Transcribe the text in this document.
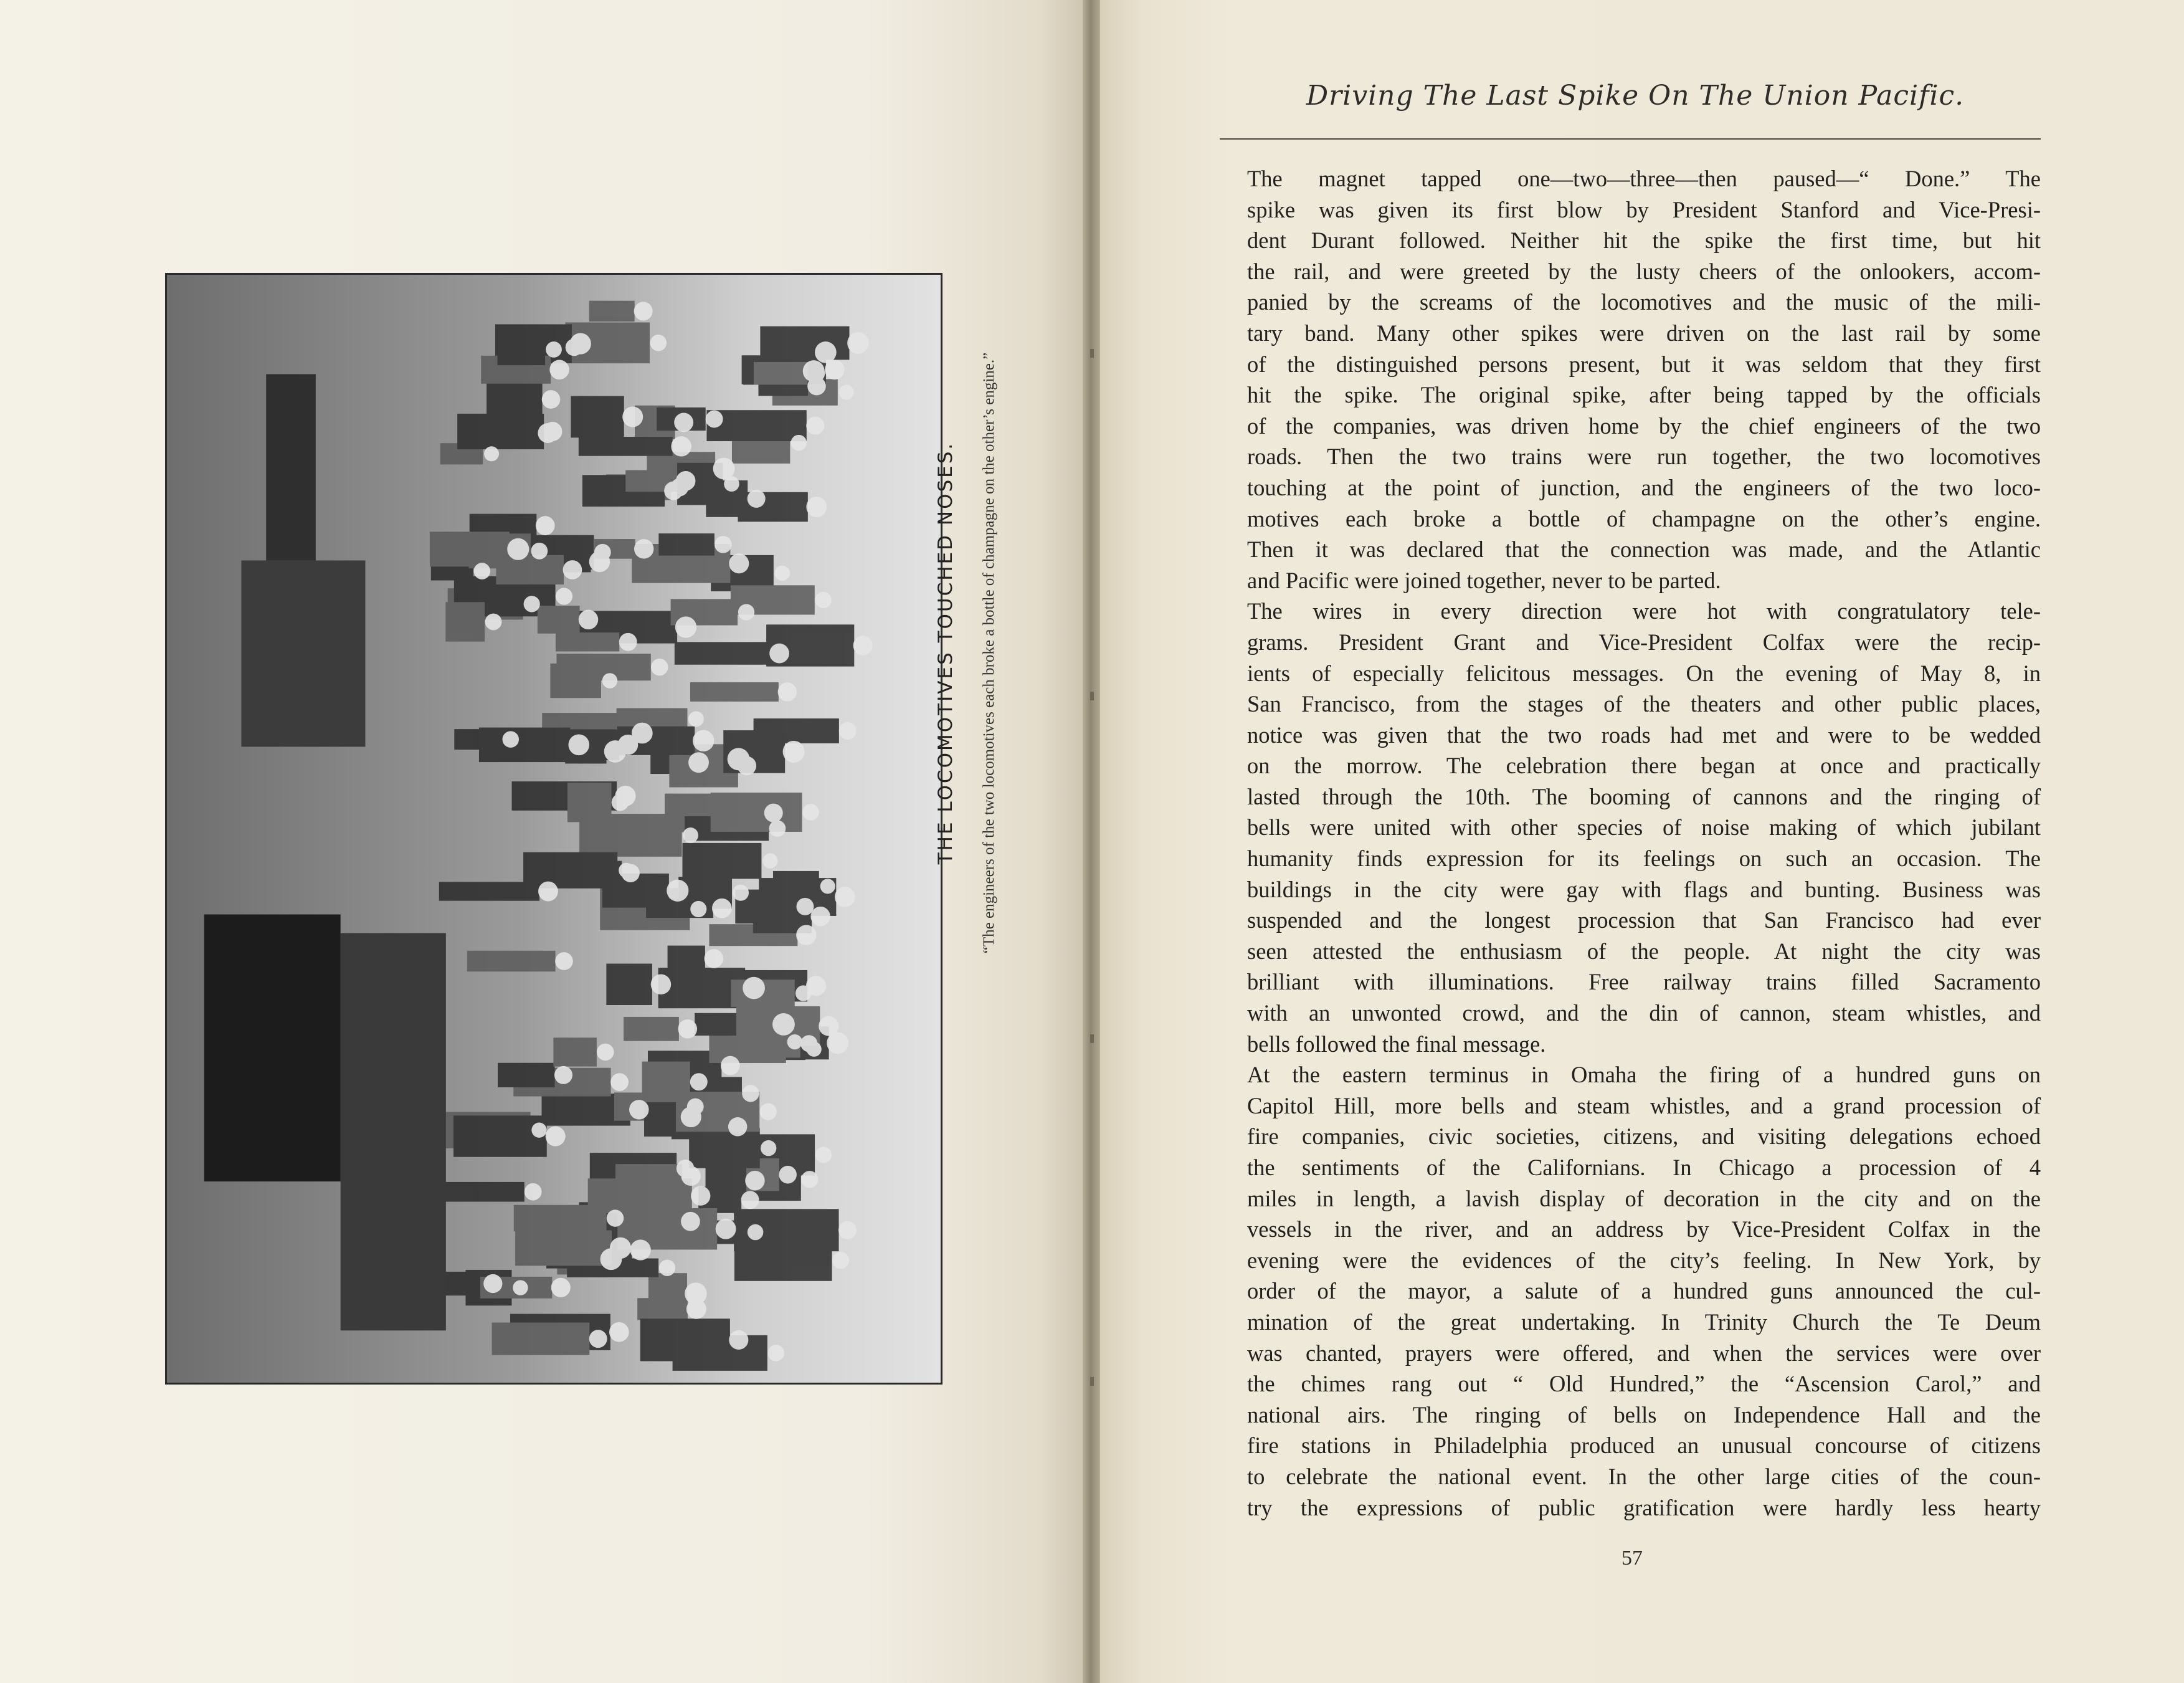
THE LOCOMOTIVES TOUCHED NOSES. “The engineers of the two locomotives each broke a bottle of champagne on the other’s engine.”
Driving The Last Spike On The Union Pacific.

The magnet tapped one—two—three—then paused—“ Done.” The
spike was given its first blow by President Stanford and Vice-Presi-
dent Durant followed. Neither hit the spike the first time, but hit
the rail, and were greeted by the lusty cheers of the onlookers, accom-
panied by the screams of the locomotives and the music of the mili-
tary band. Many other spikes were driven on the last rail by some
of the distinguished persons present, but it was seldom that they first
hit the spike. The original spike, after being tapped by the officials
of the companies, was driven home by the chief engineers of the two
roads. Then the two trains were run together, the two locomotives
touching at the point of junction, and the engineers of the two loco-
motives each broke a bottle of champagne on the other’s engine.
Then it was declared that the connection was made, and the Atlantic
and Pacific were joined together, never to be parted.

The wires in every direction were hot with congratulatory tele-
grams. President Grant and Vice-President Colfax were the recip-
ients of especially felicitous messages. On the evening of May 8, in
San Francisco, from the stages of the theaters and other public places,
notice was given that the two roads had met and were to be wedded
on the morrow. The celebration there began at once and practically
lasted through the 10th. The booming of cannons and the ringing of
bells were united with other species of noise making of which jubilant
humanity finds expression for its feelings on such an occasion. The
buildings in the city were gay with flags and bunting. Business was
suspended and the longest procession that San Francisco had ever
seen attested the enthusiasm of the people. At night the city was
brilliant with illuminations. Free railway trains filled Sacramento
with an unwonted crowd, and the din of cannon, steam whistles, and
bells followed the final message.

At the eastern terminus in Omaha the firing of a hundred guns on
Capitol Hill, more bells and steam whistles, and a grand procession of
fire companies, civic societies, citizens, and visiting delegations echoed
the sentiments of the Californians. In Chicago a procession of 4
miles in length, a lavish display of decoration in the city and on the
vessels in the river, and an address by Vice-President Colfax in the
evening were the evidences of the city’s feeling. In New York, by
order of the mayor, a salute of a hundred guns announced the cul-
mination of the great undertaking. In Trinity Church the Te Deum
was chanted, prayers were offered, and when the services were over
the chimes rang out “ Old Hundred,” the “Ascension Carol,” and
national airs. The ringing of bells on Independence Hall and the
fire stations in Philadelphia produced an unusual concourse of citizens
to celebrate the national event. In the other large cities of the coun-
try the expressions of public gratification were hardly less hearty

57
